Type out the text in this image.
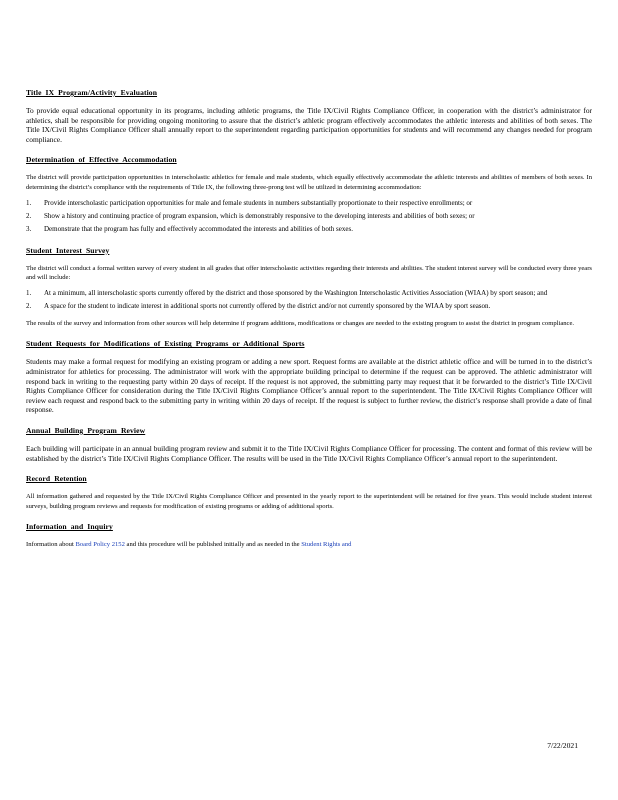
Title IX Program/Activity Evaluation

To provide equal educational opportunity in its programs, including athletic programs, the Title IX/Civil Rights Compliance Officer, in cooperation with the district’s administrator for athletics, shall be responsible for providing ongoing monitoring to assure that the district’s athletic program effectively accommodates the athletic interests and abilities of both sexes. The Title IX/Civil Rights Compliance Officer shall annually report to the superintendent regarding participation opportunities for students and will recommend any changes needed for program compliance.

Determination of Effective Accommodation

The district will provide participation opportunities in interscholastic athletics for female and male students, which equally effectively accommodate the athletic interests and abilities of members of both sexes. In determining the district’s compliance with the requirements of Title IX, the following three-prong test will be utilized in determining accommodation:

1.	Provide interscholastic participation opportunities for male and female students in numbers substantially proportionate to their respective enrollments; or
2.	Show a history and continuing practice of program expansion, which is demonstrably responsive to the developing interests and abilities of both sexes; or
3.	Demonstrate that the program has fully and effectively accommodated the interests and abilities of both sexes.
Student Interest Survey

The district will conduct a formal written survey of every student in all grades that offer interscholastic activities regarding their interests and abilities. The student interest survey will be conducted every three years and will include:

1.	At a minimum, all interscholastic sports currently offered by the district and those sponsored by the Washington Interscholastic Activities Association (WIAA) by sport season; and
2.	A space for the student to indicate interest in additional sports not currently offered by the district and/or not currently sponsored by the WIAA by sport season.

The results of the survey and information from other sources will help determine if program additions, modifications or changes are needed to the existing program to assist the district in program compliance.

Student Requests for Modifications of Existing Programs or Additional Sports

Students may make a formal request for modifying an existing program or adding a new sport. Request forms are available at the district athletic office and will be turned in to the district’s administrator for athletics for processing. The administrator will work with the appropriate building principal to determine if the request can be approved. The athletic administrator will respond back in writing to the requesting party within 20 days of receipt. If the request is not approved, the submitting party may request that it be forwarded to the district’s Title IX/Civil Rights Compliance Officer for consideration during the Title IX/Civil Rights Compliance Officer’s annual report to the superintendent. The Title IX/Civil Rights Compliance Officer will review each request and respond back to the submitting party in writing within 20 days of receipt. If the request is subject to further review, the district’s response shall provide a date of final response.

Annual Building Program Review

Each building will participate in an annual building program review and submit it to the Title IX/Civil Rights Compliance Officer for processing. The content and format of this review will be established by the district’s Title IX/Civil Rights Compliance Officer. The results will be used in the Title IX/Civil Rights Compliance Officer’s annual report to the superintendent.

Record Retention

All information gathered and requested by the Title IX/Civil Rights Compliance Officer and presented in the yearly report to the superintendent will be retained for five years. This would include student interest surveys, building program reviews and requests for modification of existing programs or adding of additional sports.

Information and Inquiry

Information about Board Policy 2152 and this procedure will be published initially and as needed in the Student Rights and

7/22/2021
